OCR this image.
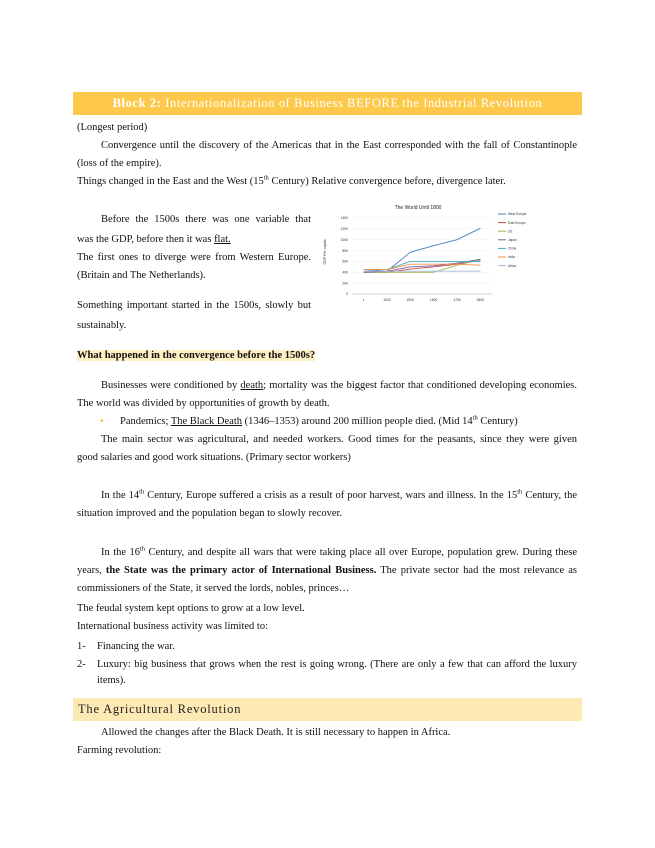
Block 2: Internationalization of Business BEFORE the Industrial Revolution
(Longest period)
Convergence until the discovery of the Americas that in the East corresponded with the fall of Constantinople
(loss of the empire).
Things changed in the East and the West (15th Century) Relative convergence before, divergence later.
Before the 1500s there was one variable that
was the GDP, before then it was flat.
The first ones to diverge were from Western Europe.
(Britain and The Netherlands).
Something important started in the 1500s, slowly but
sustainably.
The World Until 1800
GDP Per capita
0
200
400
600
800
1000
1200
1400
1	1000	1500	1600	1700	1800
West Europe
East Europe
US
Japan
China
India
Africa
What happened in the convergence before the 1500s?
Businesses were conditioned by death; mortality was the biggest factor that conditioned developing economies.
The world was divided by opportunities of growth by death.
• Pandemics; The Black Death (1346–1353) around 200 million people died. (Mid 14th Century)
The main sector was agricultural, and needed workers. Good times for the peasants, since they were given
good salaries and good work situations. (Primary sector workers)
In the 14th Century, Europe suffered a crisis as a result of poor harvest, wars and illness. In the 15th Century, the
situation improved and the population began to slowly recover.
In the 16th Century, and despite all wars that were taking place all over Europe, population grew. During these
years, the State was the primary actor of International Business. The private sector had the most relevance as
commissioners of the State, it served the lords, nobles, princes…
The feudal system kept options to grow at a low level.
International business activity was limited to:
1- Financing the war.
2- Luxury: big business that grows when the rest is going wrong. (There are only a few that can afford the luxury
items).
The Agricultural Revolution
Allowed the changes after the Black Death. It is still necessary to happen in Africa.
Farming revolution:
